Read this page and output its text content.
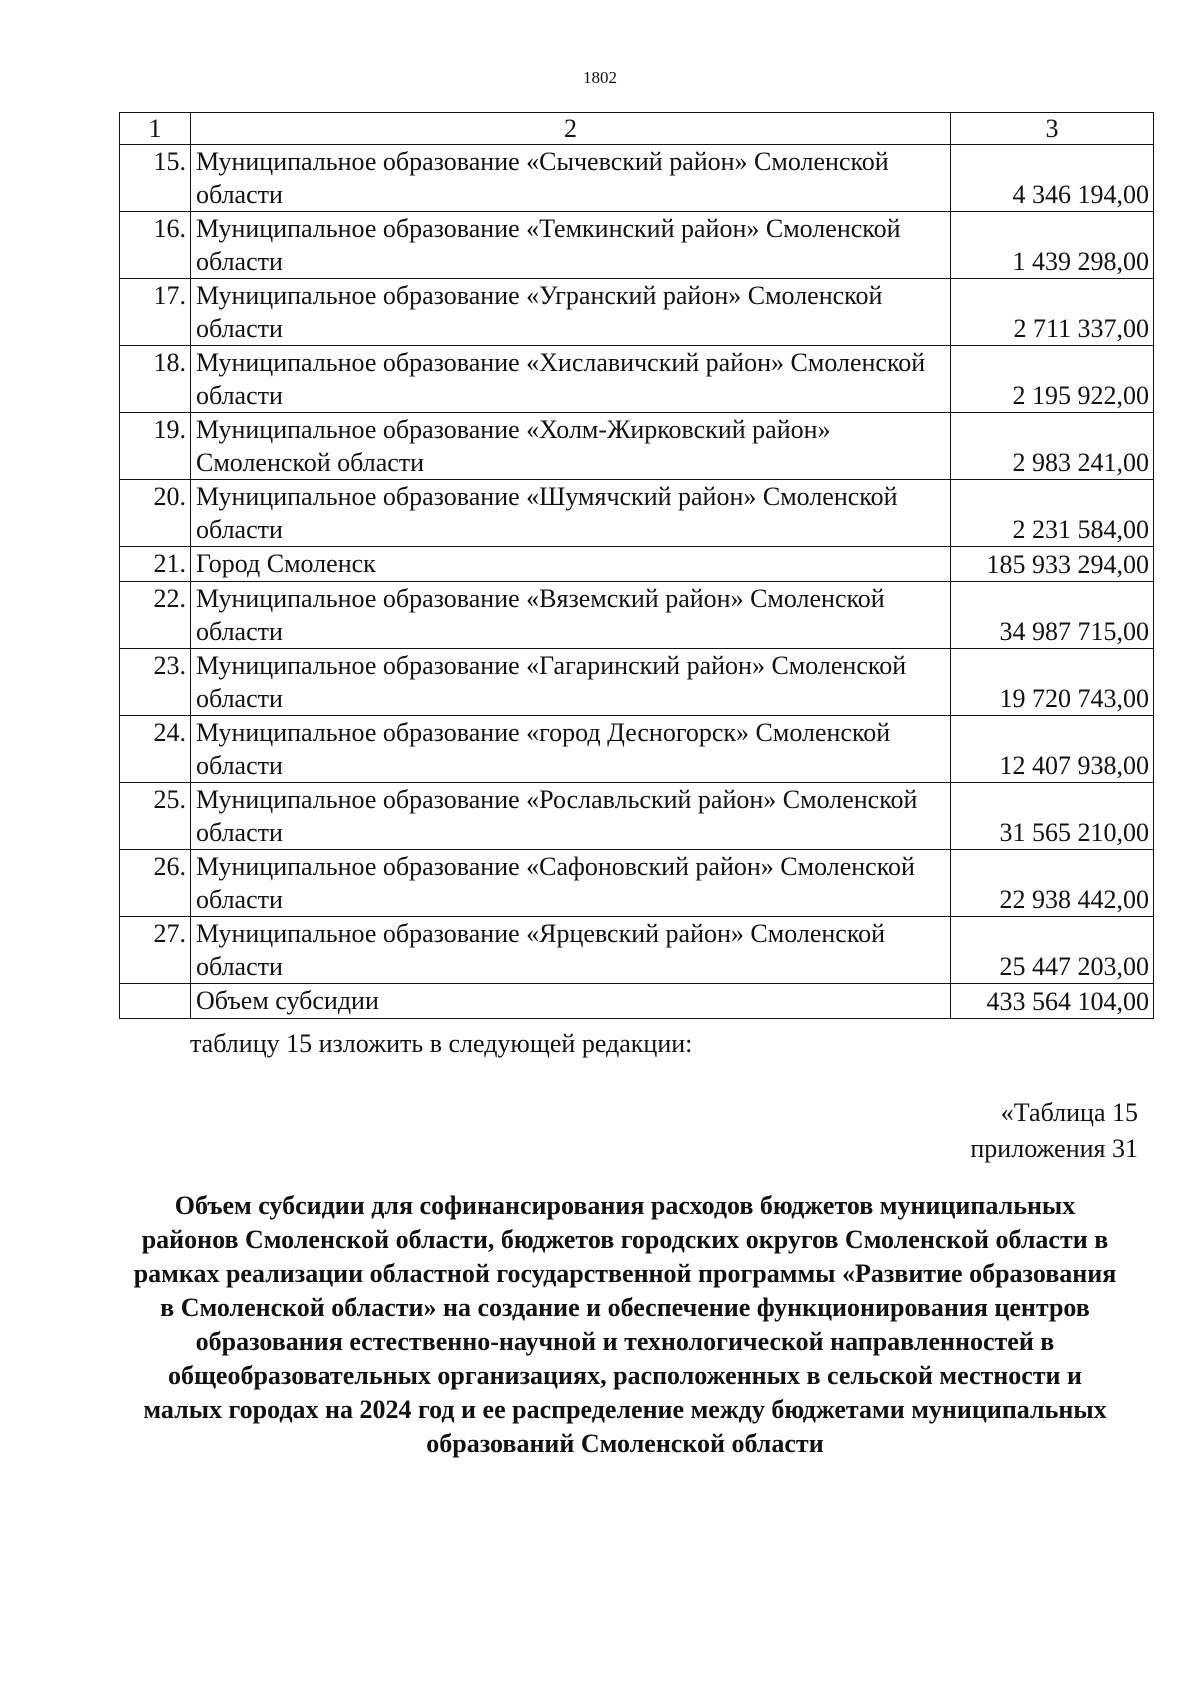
1802
1	2	3
15.	Муниципальное образование «Сычевский район» Смоленской области	4 346 194,00
16.	Муниципальное образование «Темкинский район» Смоленской области	1 439 298,00
17.	Муниципальное образование «Угранский район» Смоленской области	2 711 337,00
18.	Муниципальное образование «Хиславичский район» Смоленской области	2 195 922,00
19.	Муниципальное образование «Холм-Жирковский район» Смоленской области	2 983 241,00
20.	Муниципальное образование «Шумячский район» Смоленской области	2 231 584,00
21.	Город Смоленск	185 933 294,00
22.	Муниципальное образование «Вяземский район» Смоленской области	34 987 715,00
23.	Муниципальное образование «Гагаринский район» Смоленской области	19 720 743,00
24.	Муниципальное образование «город Десногорск» Смоленской области	12 407 938,00
25.	Муниципальное образование «Рославльский район» Смоленской области	31 565 210,00
26.	Муниципальное образование «Сафоновский район» Смоленской области	22 938 442,00
27.	Муниципальное образование «Ярцевский район» Смоленской области	25 447 203,00
	Объем субсидии	433 564 104,00
таблицу 15 изложить в следующей редакции:
«Таблица 15
приложения 31
Объем субсидии для софинансирования расходов бюджетов муниципальных районов Смоленской области, бюджетов городских округов Смоленской области в рамках реализации областной государственной программы «Развитие образования в Смоленской области» на создание и обеспечение функционирования центров образования естественно-научной и технологической направленностей в общеобразовательных организациях, расположенных в сельской местности и малых городах на 2024 год и ее распределение между бюджетами муниципальных образований Смоленской области
